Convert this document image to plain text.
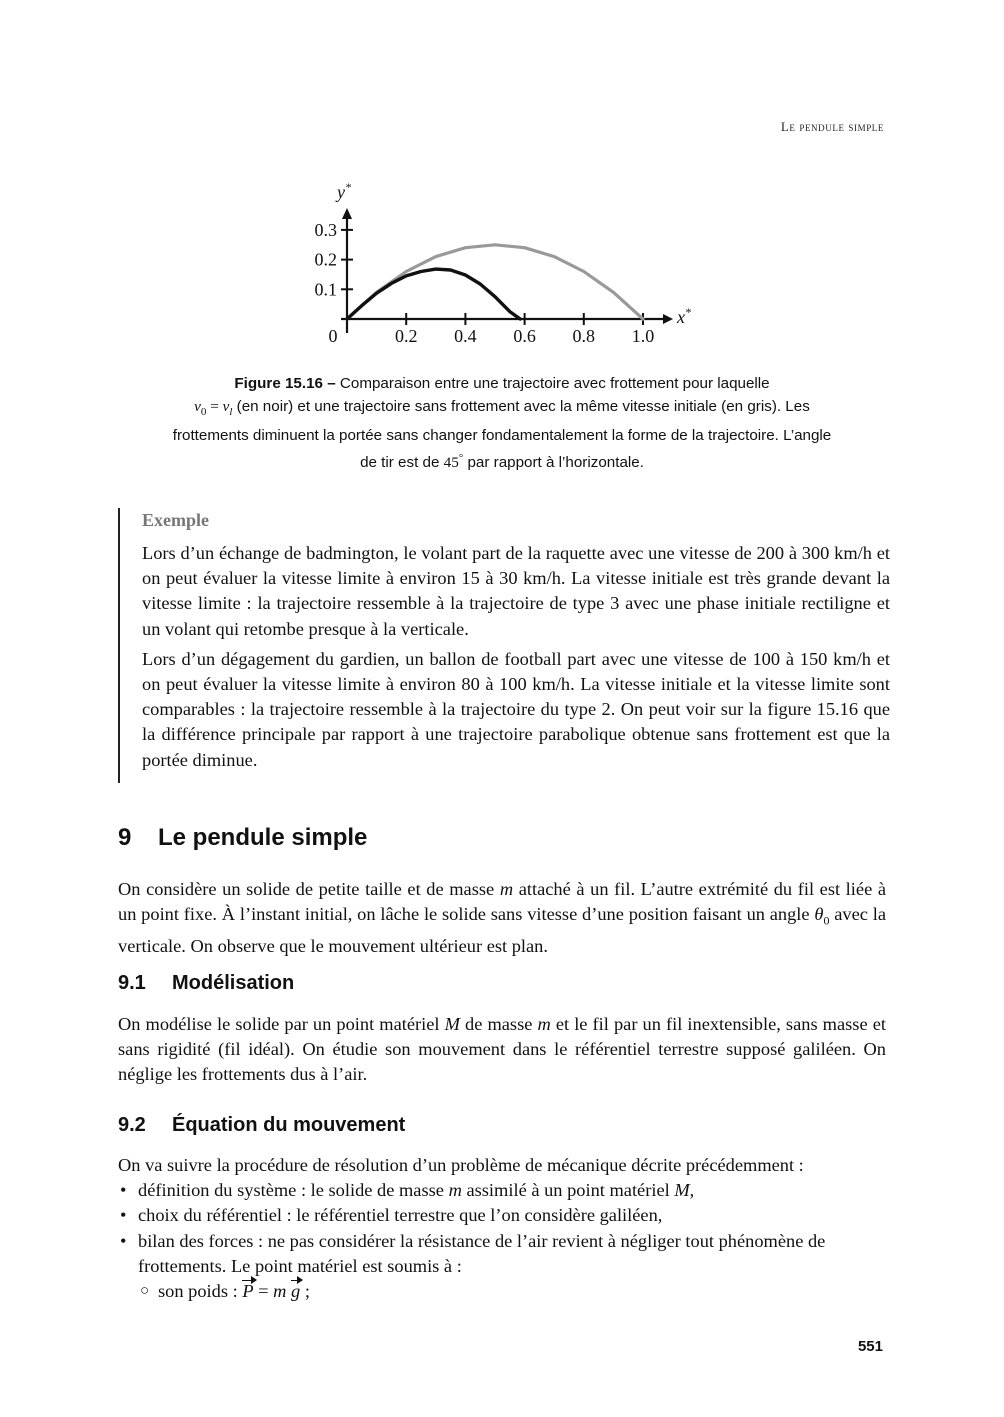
Le pendule simple
0.2 0.4 0.6 0.8 1.0
0.1
0.2
0.3
0
x*
y*
Figure 15.16 – Comparaison entre une trajectoire avec frottement pour laquelle
$v_0 = v_l$ (en noir) et une trajectoire sans frottement avec la même vitesse initiale (en gris). Les frottements diminuent la portée sans changer fondamentalement la forme de la trajectoire. L’angle de tir est de 45° par rapport à l’horizontale.
Exemple

Lors d’un échange de badmington, le volant part de la raquette avec une vitesse de 200 à 300 km/h et on peut évaluer la vitesse limite à environ 15 à 30 km/h. La vitesse initiale est très grande devant la vitesse limite : la trajectoire ressemble à la trajectoire de type 3 avec une phase initiale rectiligne et un volant qui retombe presque à la verticale.

Lors d’un dégagement du gardien, un ballon de football part avec une vitesse de 100 à 150 km/h et on peut évaluer la vitesse limite à environ 80 à 100 km/h. La vitesse initiale et la vitesse limite sont comparables : la trajectoire ressemble à la trajectoire du type 2. On peut voir sur la figure 15.16 que la différence principale par rapport à une trajectoire parabolique obtenue sans frottement est que la portée diminue.

9 Le pendule simple

On considère un solide de petite taille et de masse m attaché à un fil. L’autre extrémité du fil est liée à un point fixe. À l’instant initial, on lâche le solide sans vitesse d’une position faisant un angle $\theta_0$ avec la verticale. On observe que le mouvement ultérieur est plan.

9.1 Modélisation

On modélise le solide par un point matériel M de masse m et le fil par un fil inextensible, sans masse et sans rigidité (fil idéal). On étudie son mouvement dans le référentiel terrestre supposé galiléen. On néglige les frottements dus à l’air.

9.2 Équation du mouvement

On va suivre la procédure de résolution d’un problème de mécanique décrite précédemment :

• définition du système : le solide de masse m assimilé à un point matériel M,
• choix du référentiel : le référentiel terrestre que l’on considère galiléen,
• bilan des forces : ne pas considérer la résistance de l’air revient à négliger tout phénomène de frottements. Le point matériel est soumis à :
○ son poids : P = m g ;
551
